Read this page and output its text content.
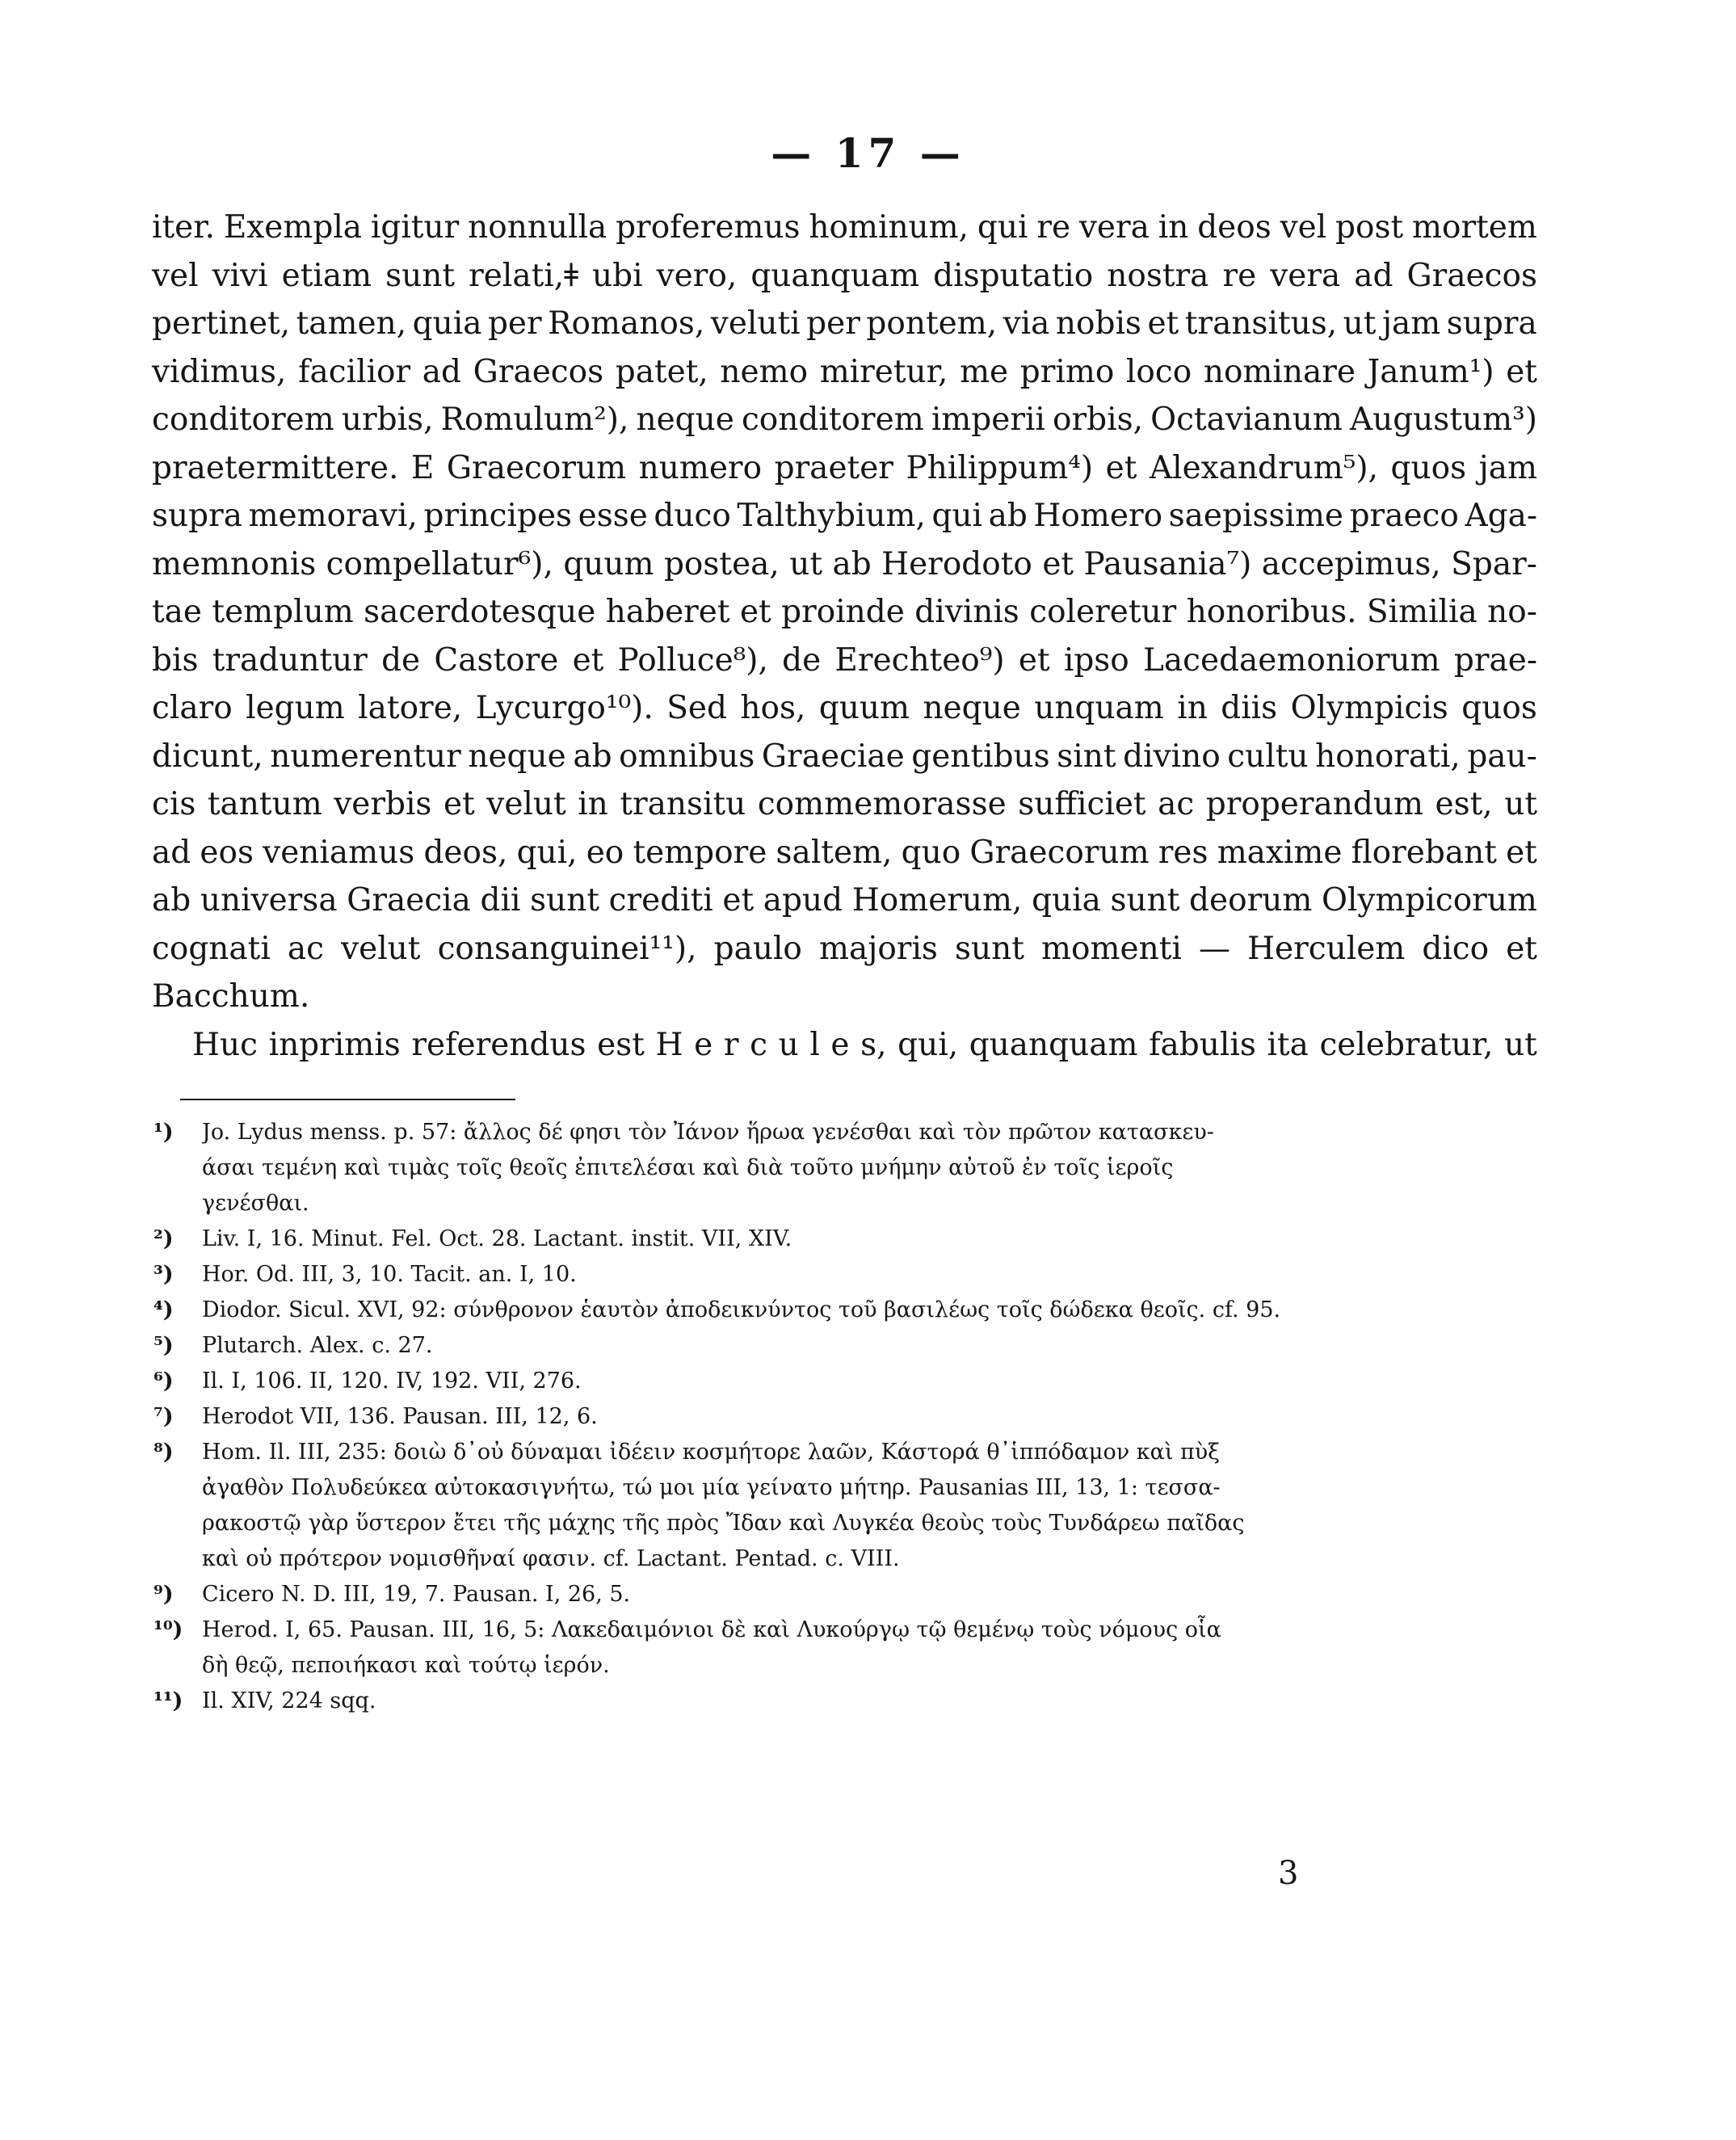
— 17 —
iter. Exempla igitur nonnulla proferemus hominum, qui re vera in deos vel post mortem
vel vivi etiam sunt relati,ǂ ubi vero, quanquam disputatio nostra re vera ad Graecos
pertinet, tamen, quia per Romanos, veluti per pontem, via nobis et transitus, ut jam supra
vidimus, facilior ad Graecos patet, nemo miretur, me primo loco nominare Janum¹) et
conditorem urbis, Romulum²), neque conditorem imperii orbis, Octavianum Augustum³)
praetermittere. E Graecorum numero praeter Philippum⁴) et Alexandrum⁵), quos jam
supra memoravi, principes esse duco Talthybium, qui ab Homero saepissime praeco Aga-
memnonis compellatur⁶), quum postea, ut ab Herodoto et Pausania⁷) accepimus, Spar-
tae templum sacerdotesque haberet et proinde divinis coleretur honoribus. Similia no-
bis traduntur de Castore et Polluce⁸), de Erechteo⁹) et ipso Lacedaemoniorum prae-
claro legum latore, Lycurgo¹⁰). Sed hos, quum neque unquam in diis Olympicis quos
dicunt, numerentur neque ab omnibus Graeciae gentibus sint divino cultu honorati, pau-
cis tantum verbis et velut in transitu commemorasse sufficiet ac properandum est, ut
ad eos veniamus deos, qui, eo tempore saltem, quo Graecorum res maxime florebant et
ab universa Graecia dii sunt crediti et apud Homerum, quia sunt deorum Olympicorum
cognati ac velut consanguinei¹¹), paulo majoris sunt momenti — Herculem dico et
Bacchum.
Huc inprimis referendus est H e r c u l e s, qui, quanquam fabulis ita celebratur, ut
¹)	Jo. Lydus menss. p. 57: ἄλλος δέ φησι τὸν Ἰάνον ἥρωα γενέσθαι καὶ τὸν πρῶτον κατασκευ-
άσαι τεμένη καὶ τιμὰς τοῖς θεοῖς ἐπιτελέσαι καὶ διὰ τοῦτο μνήμην αὐτοῦ ἐν τοῖς ἱεροῖς
γενέσθαι.
²)	Liv. I, 16. Minut. Fel. Oct. 28. Lactant. instit. VII, XIV.
³)	Hor. Od. III, 3, 10. Tacit. an. I, 10.
⁴)	Diodor. Sicul. XVI, 92: σύνθρονον ἑαυτὸν ἀποδεικνύντος τοῦ βασιλέως τοῖς δώδεκα θεοῖς. cf. 95.
⁵)	Plutarch. Alex. c. 27.
⁶)	Il. I, 106. II, 120. IV, 192. VII, 276.
⁷)	Herodot VII, 136. Pausan. III, 12, 6.
⁸)	Hom. Il. III, 235: δοιὼ δ᾽οὐ δύναμαι ἰδέειν κοσμήτορε λαῶν, Κάστορά θ᾽ἱππόδαμον καὶ πὺξ
ἀγαθὸν Πολυδεύκεα αὐτοκασιγνήτω, τώ μοι μία γείνατο μήτηρ. Pausanias III, 13, 1: τεσσα-
ρακοστῷ γὰρ ὕστερον ἔτει τῆς μάχης τῆς πρὸς Ἴδαν καὶ Λυγκέα θεοὺς τοὺς Τυνδάρεω παῖδας
καὶ οὐ πρότερον νομισθῆναί φασιν. cf. Lactant. Pentad. c. VIII.
⁹)	Cicero N. D. III, 19, 7. Pausan. I, 26, 5.
¹⁰) Herod. I, 65. Pausan. III, 16, 5: Λακεδαιμόνιοι δὲ καὶ Λυκούργῳ τῷ θεμένῳ τοὺς νόμους οἷα
δὴ θεῷ, πεποιήκασι καὶ τούτῳ ἱερόν.
¹¹) Il. XIV, 224 sqq.
3
